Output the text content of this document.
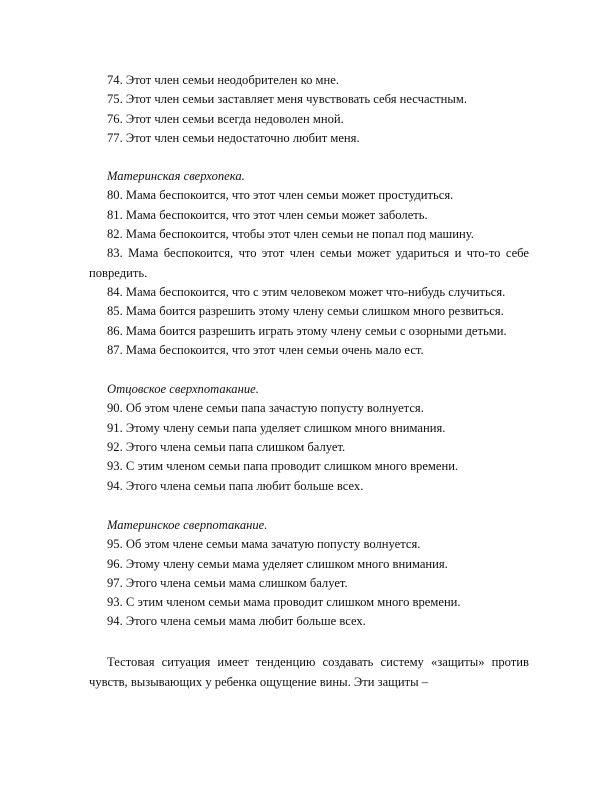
74. Этот член семьи неодобрителен ко мне.
75. Этот член семьи заставляет меня чувствовать себя несчастным.
76. Этот член семьи всегда недоволен мной.
77. Этот член семьи недостаточно любит меня.
Материнская сверхопека.
80. Мама беспокоится, что этот член семьи может простудиться.
81. Мама беспокоится, что этот член семьи может заболеть.
82. Мама беспокоится, чтобы этот член семьи не попал под машину.
83. Мама беспокоится, что этот член семьи может удариться и что-то себе повредить.
84. Мама беспокоится, что с этим человеком может что-нибудь случиться.
85. Мама боится разрешить этому члену семьи слишком много резвиться.
86. Мама боится разрешить играть этому члену семьи с озорными детьми.
87. Мама беспокоится, что этот член семьи очень мало ест.
Отцовское сверхпотакание.
90. Об этом члене семьи папа зачастую попусту волнуется.
91. Этому члену семьи папа уделяет слишком много внимания.
92. Этого члена семьи папа слишком балует.
93. С этим членом семьи папа проводит слишком много времени.
94. Этого члена семьи папа любит больше всех.
Материнское сверпотакание.
95. Об этом члене семьи мама зачатую попусту волнуется.
96. Этому члену семьи мама уделяет слишком много внимания.
97. Этого члена семьи мама слишком балует.
93. С этим членом семьи мама проводит слишком много времени.
94. Этого члена семьи мама любит больше всех.
Тестовая ситуация имеет тенденцию создавать систему «защиты» против чувств, вызывающих у ребенка ощущение вины. Эти защиты –
